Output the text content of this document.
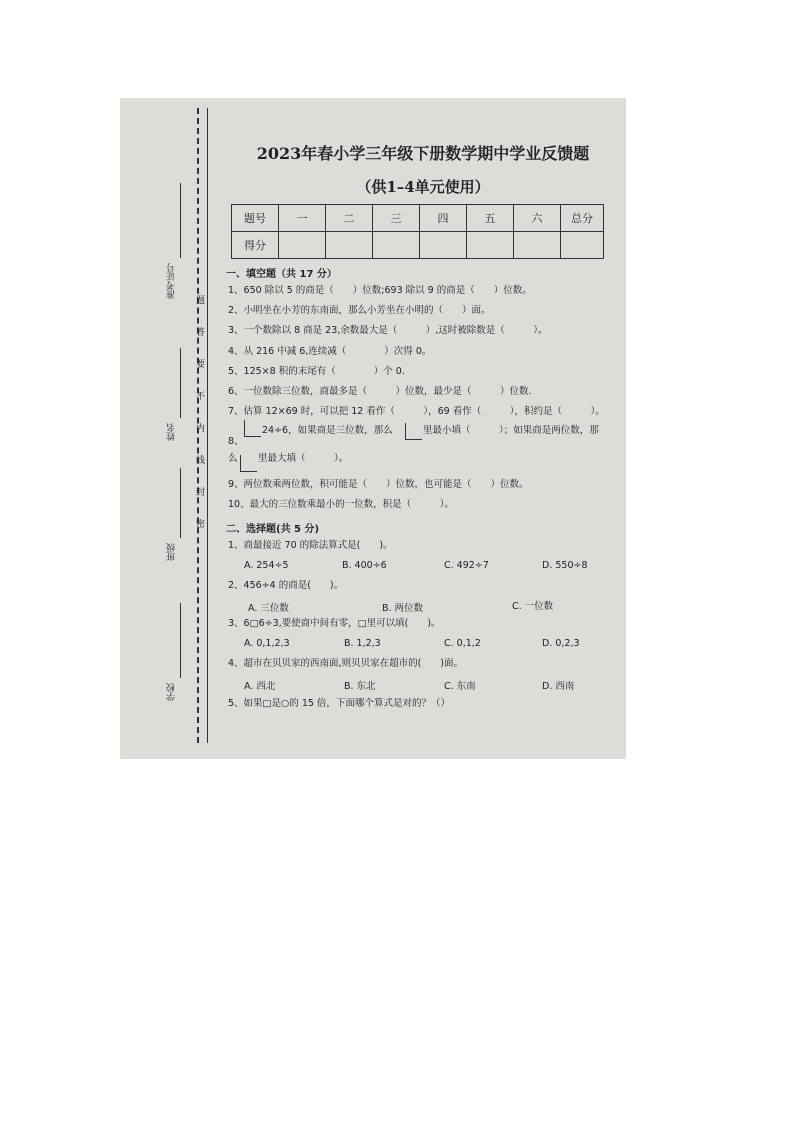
准考证号
姓名
班级
学校
题
答
要
不
内
线
封
密
2023年春小学三年级下册数学期中学业反馈题
（供1–4单元使用）
题号	一	二	三	四	五	六	总分
得分							
一、填空题（共 17 分）
1、650 除以 5 的商是（　　）位数;693 除以 9 的商是（　　）位数。
2、小明坐在小芳的东南面，那么小芳坐在小明的（　　）面。
3、一个数除以 8 商是 23,余数最大是（　　　）,这时被除数是（　　　）。
4、从 216 中减 6,连续减（　　　　）次得 0。
5、125×8 积的末尾有（　　　　）个 0.
6、一位数除三位数，商最多是（　　　）位数，最少是（　　　）位数.
7、估算 12×69 时，可以把 12 看作（　　　），69 看作（　　　），积约是（　　　）。
8、
24÷6，如果商是三位数，那么	里最小填（　　　）；如果商是两位数，那
么 里最大填（　　　）。
9、两位数乘两位数，积可能是（　　）位数，也可能是（　　）位数。
10、最大的三位数乘最小的一位数，积是（　　　）。
二、选择题(共 5 分)
1、商最接近 70 的除法算式是(　　)。
A. 254÷5	B. 400÷6	C. 492÷7	D. 550÷8
2、456÷4 的商是(　　)。
A. 三位数	B. 两位数	C. 一位数
3、6□6÷3,要使商中间有零，□里可以填(　　)。
A. 0,1,2,3	B. 1,2,3	C. 0,1,2	D. 0,2,3
4、超市在贝贝家的西南面,则贝贝家在超市的(　　)面。
A. 西北	B. 东北	C. 东南	D. 西南
5、如果□是○的 15 倍，下面哪个算式是对的？（）
